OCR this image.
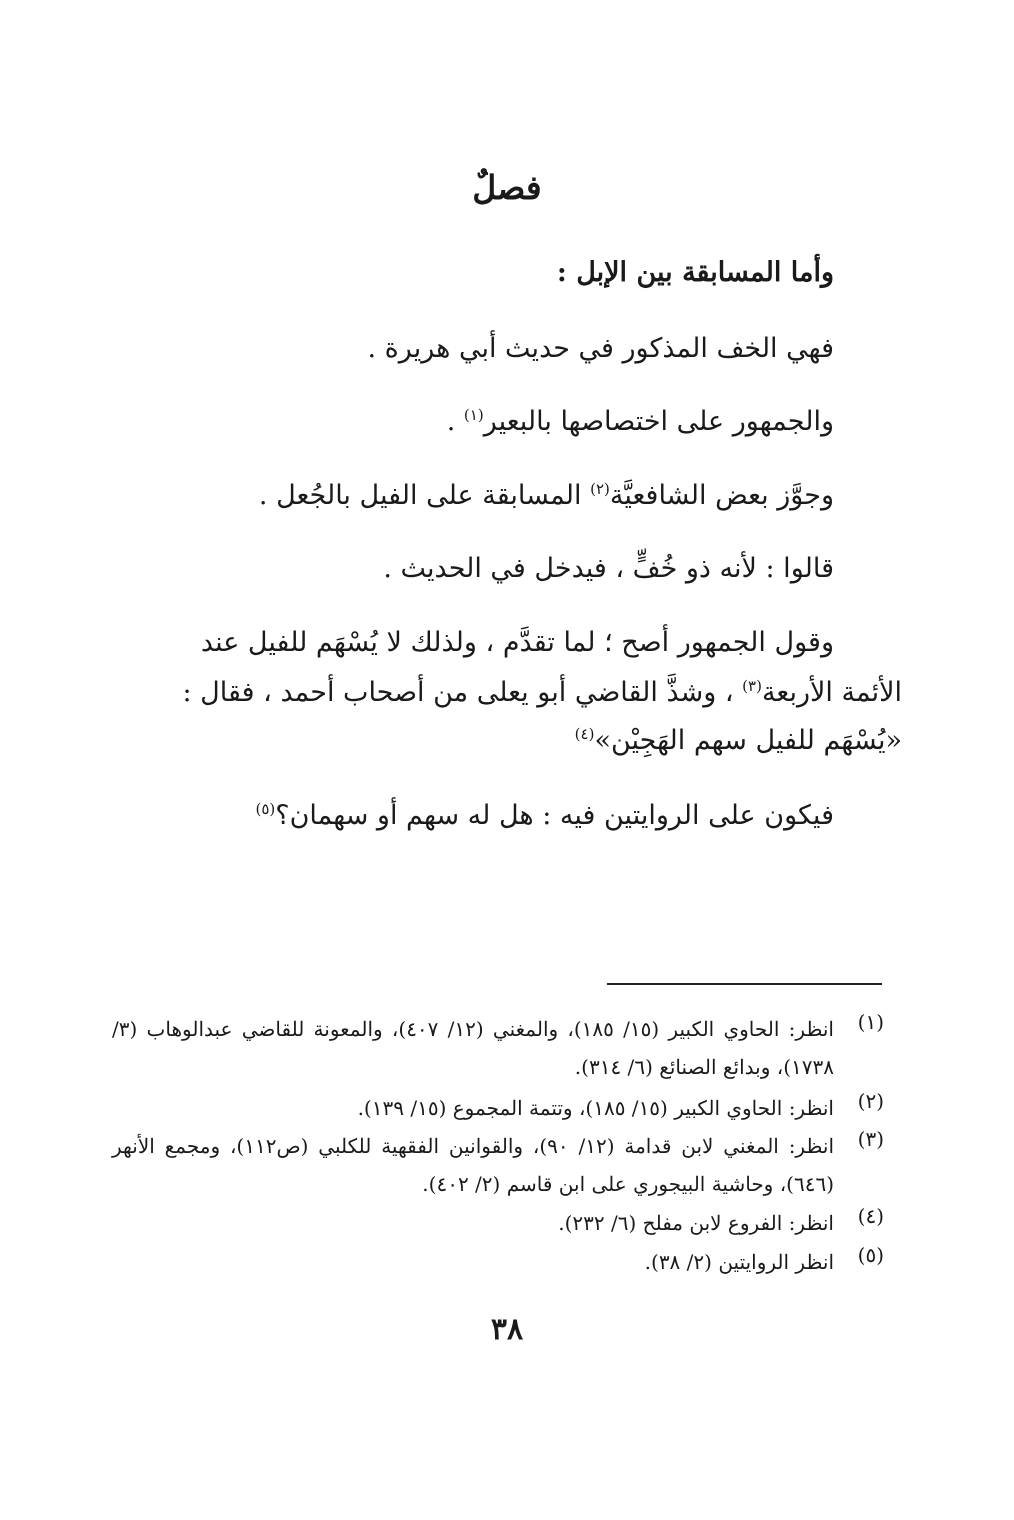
فصلٌ
وأما المسابقة بين الإبل :
فهي الخف المذكور في حديث أبي هريرة .
والجمهور على اختصاصها بالبعير$^{(١)}$ .
وجوَّز بعض الشافعيَّة$^{(٢)}$ المسابقة على الفيل بالجُعل .
قالوا : لأنه ذو خُفٍّ ، فيدخل في الحديث .
وقول الجمهور أصح ؛ لما تقدَّم ، ولذلك لا يُسْهَم للفيل عند
الأئمة الأربعة$^{(٣)}$ ، وشذَّ القاضي أبو يعلى من أصحاب أحمد ، فقال :
«يُسْهَم للفيل سهم الهَجِيْن»$^{(٤)}$
فيكون على الروايتين فيه : هل له سهم أو سهمان؟$^{(٥)}$
(١)
انظر: الحاوي الكبير (١٥/ ١٨٥)، والمغني (١٢/ ٤٠٧)، والمعونة للقاضي عبدالوهاب (٣/ ١٧٣٨)، وبدائع الصنائع (٦/ ٣١٤).
(٢)
انظر: الحاوي الكبير (١٥/ ١٨٥)، وتتمة المجموع (١٥/ ١٣٩).
(٣)
انظر: المغني لابن قدامة (١٢/ ٩٠)، والقوانين الفقهية للكلبي (ص١١٢)، ومجمع الأنهر (٦٤٦)، وحاشية البيجوري على ابن قاسم (٢/ ٤٠٢).
(٤)
انظر: الفروع لابن مفلح (٦/ ٢٣٢).
(٥)
انظر الروايتين (٢/ ٣٨).
٣٨
